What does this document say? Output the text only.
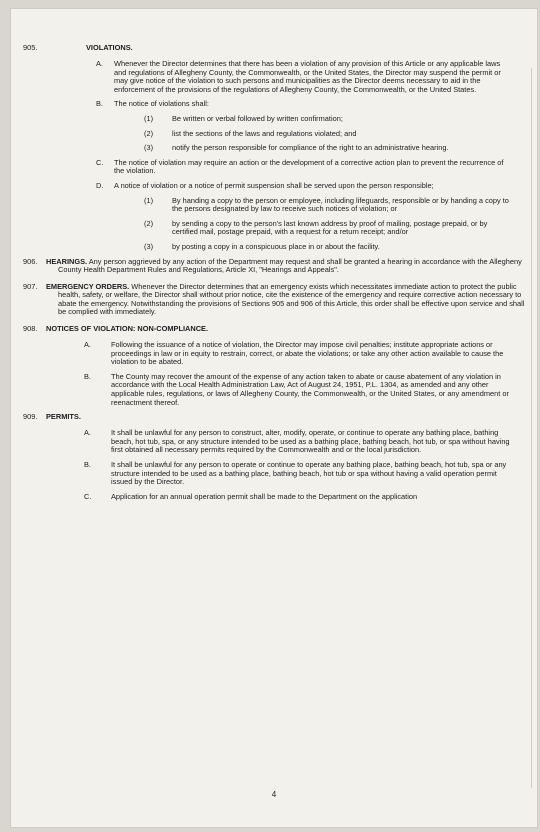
905.	VIOLATIONS.
A.	Whenever the Director determines that there has been a violation of any provision of this Article or any applicable laws and regulations of Allegheny County, the Commonwealth, or the United States, the Director may suspend the permit or may give notice of the violation to such persons and municipalities as the Director deems necessary to aid in the enforcement of the provisions of the regulations of Allegheny County, the Commonwealth, or the United States.
B.	The notice of violations shall:
(1)	Be written or verbal followed by written confirmation;
(2)	list the sections of the laws and regulations violated; and
(3)	notify the person responsible for compliance of the right to an administrative hearing.
C.	The notice of violation may require an action or the development of a corrective action plan to prevent the recurrence of the violation.
D.	A notice of violation or a notice of permit suspension shall be served upon the person responsible;
(1)	By handing a copy to the person or employee, including lifeguards, responsible or by handing a copy to the persons designated by law to receive such notices of violation; or
(2)	by sending a copy to the person's last known address by proof of mailing, postage prepaid, or by certified mail, postage prepaid, with a request for a return receipt; and/or
(3)	by posting a copy in a conspicuous place in or about the facility.
906. HEARINGS. Any person aggrieved by any action of the Department may request and shall be granted a hearing in accordance with the Allegheny County Health Department Rules and Regulations, Article XI, "Hearings and Appeals".
907. EMERGENCY ORDERS. Whenever the Director determines that an emergency exists which necessitates immediate action to protect the public health, safety, or welfare, the Director shall without prior notice, cite the existence of the emergency and require corrective action necessary to abate the emergency. Notwithstanding the provisions of Sections 905 and 906 of this Article, this order shall be effective upon service and shall be complied with immediately.
908. NOTICES OF VIOLATION: NON-COMPLIANCE.
A.	Following the issuance of a notice of violation, the Director may impose civil penalties; institute appropriate actions or proceedings in law or in equity to restrain, correct, or abate the violations; or take any other action available to cause the violation to be abated.
B.	The County may recover the amount of the expense of any action taken to abate or cause abatement of any violation in accordance with the Local Health Administration Law, Act of August 24, 1951, P.L. 1304, as amended and any other applicable rules, regulations, or laws of Allegheny County, the Commonwealth, or the United States, or any amendment or reenactment thereof.
909. PERMITS.
A.	It shall be unlawful for any person to construct, alter, modify, operate, or continue to operate any bathing place, bathing beach, hot tub, spa, or any structure intended to be used as a bathing place, bathing beach, hot tub, or spa without having first obtained all necessary permits required by the Commonwealth and or the local jurisdiction.
B.	It shall be unlawful for any person to operate or continue to operate any bathing place, bathing beach, hot tub, spa or any structure intended to be used as a bathing place, bathing beach, hot tub or spa without having a valid operation permit issued by the Director.
C.	Application for an annual operation permit shall be made to the Department on the application
4
